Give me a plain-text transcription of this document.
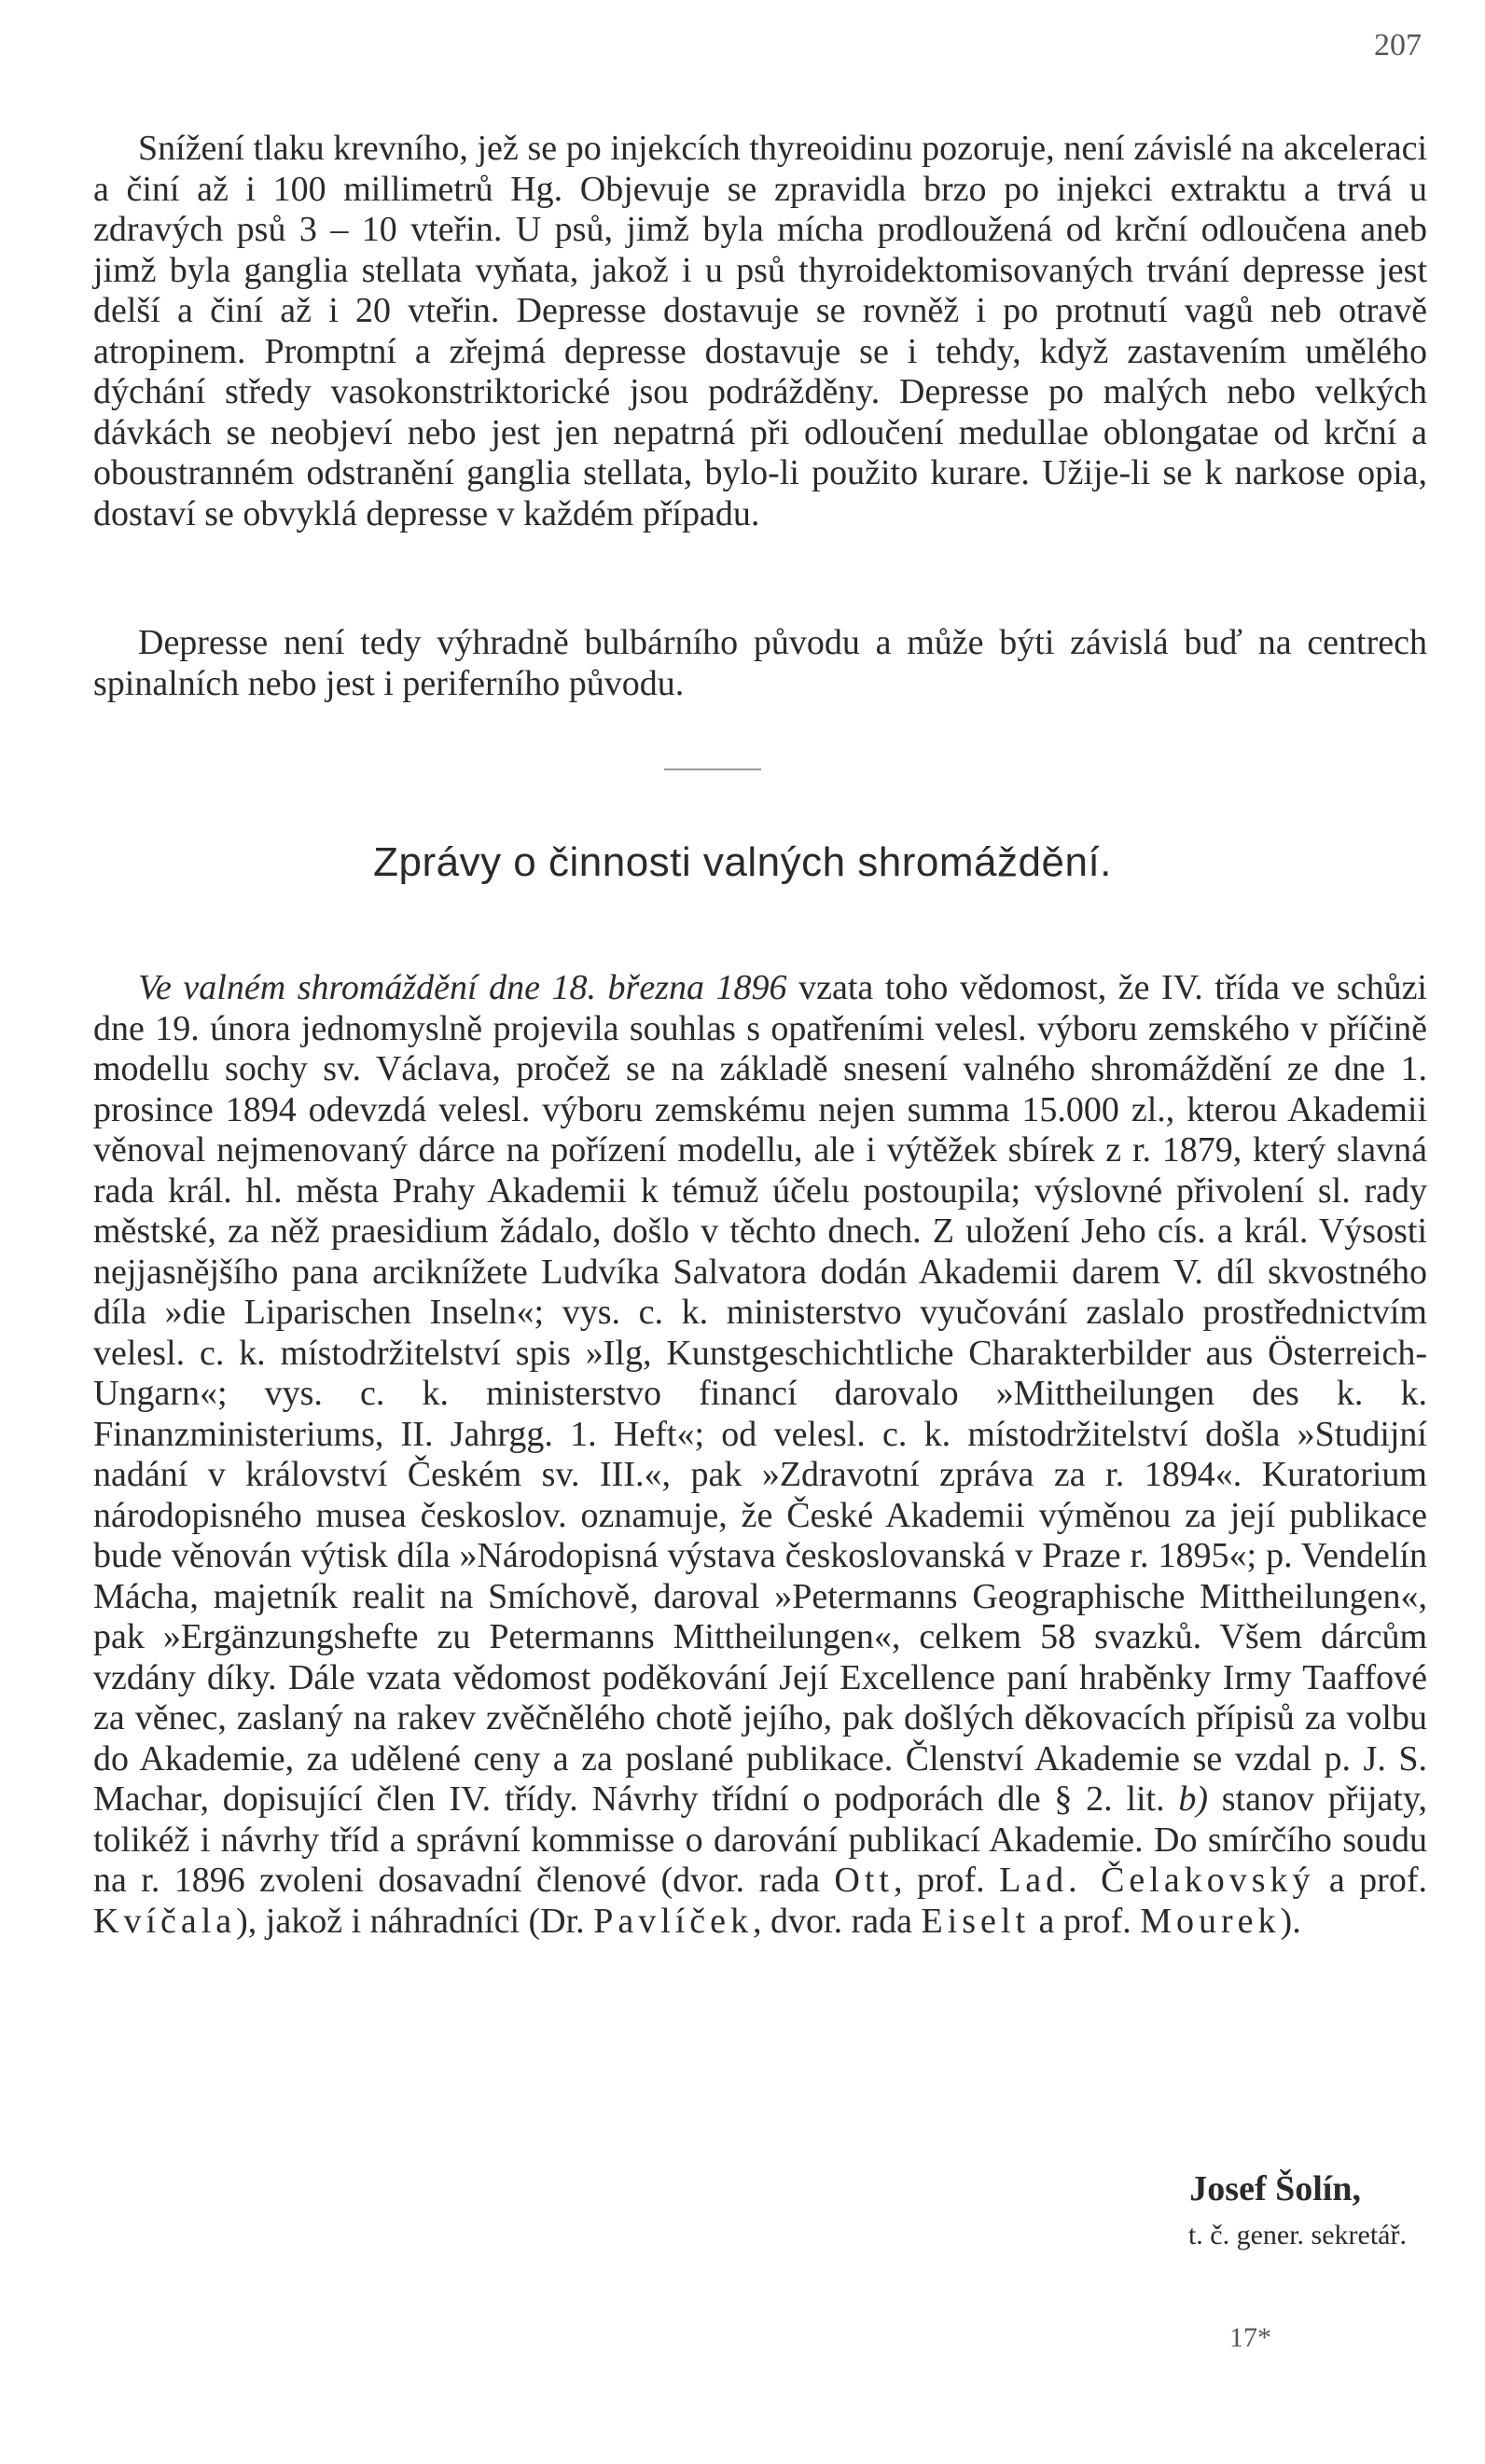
207

Snížení tlaku krevního, jež se po injekcích thyreoidinu pozoruje, není závislé na akceleraci a činí až i 100 millimetrů Hg. Objevuje se zpravidla brzo po injekci extraktu a trvá u zdravých psů 3 – 10 vteřin. U psů, jimž byla mícha prodloužená od krční odloučena aneb jimž byla ganglia stellata vyňata, jakož i u psů thyroidektomisovaných trvání depresse jest delší a činí až i 20 vteřin. Depresse dostavuje se rovněž i po protnutí vagů neb otravě atropinem. Promptní a zřejmá depresse dostavuje se i tehdy, když zastavením umělého dýchání středy vasokonstriktorické jsou podrážděny. Depresse po malých nebo velkých dávkách se neobjeví nebo jest jen nepatrná při odloučení medullae oblongatae od krční a oboustranném odstranění ganglia stellata, bylo-li použito kurare. Užije-li se k narkose opia, dostaví se obvyklá depresse v každém případu.

Depresse není tedy výhradně bulbárního původu a může býti závislá buď na centrech spinalních nebo jest i periferního původu.

Zprávy o činnosti valných shromáždění.

Ve valném shromáždění dne 18. března 1896 vzata toho vědomost, že IV. třída ve schůzi dne 19. února jednomyslně projevila souhlas s opatřeními velesl. výboru zemského v příčině modellu sochy sv. Václava, pročež se na základě snesení valného shromáždění ze dne 1. prosince 1894 odevzdá velesl. výboru zemskému nejen summa 15.000 zl., kterou Akademii věnoval nejmenovaný dárce na pořízení modellu, ale i výtěžek sbírek z r. 1879, který slavná rada král. hl. města Prahy Akademii k témuž účelu postoupila; výslovné přivolení sl. rady městské, za něž praesidium žádalo, došlo v těchto dnech. Z uložení Jeho cís. a král. Výsosti nejjasnějšího pana arciknížete Ludvíka Salvatora dodán Akademii darem V. díl skvostného díla »die Liparischen Inseln«; vys. c. k. ministerstvo vyučování zaslalo prostřednictvím velesl. c. k. místodržitelství spis »Ilg, Kunstgeschichtliche Charakterbilder aus Österreich-Ungarn«; vys. c. k. ministerstvo financí darovalo »Mittheilungen des k. k. Finanzministeriums, II. Jahrgg. 1. Heft«; od velesl. c. k. místodržitelství došla »Studijní nadání v království Českém sv. III.«, pak »Zdravotní zpráva za r. 1894«. Kuratorium národopisného musea českoslov. oznamuje, že České Akademii výměnou za její publikace bude věnován výtisk díla »Národopisná výstava českoslovanská v Praze r. 1895«; p. Vendelín Mácha, majetník realit na Smíchově, daroval »Petermanns Geographische Mittheilungen«, pak »Ergänzungshefte zu Petermanns Mittheilungen«, celkem 58 svazků. Všem dárcům vzdány díky. Dále vzata vědomost poděkování Její Excellence paní hraběnky Irmy Taaffové za věnec, zaslaný na rakev zvěčnělého chotě jejího, pak došlých děkovacích přípisů za volbu do Akademie, za udělené ceny a za poslané publikace. Členství Akademie se vzdal p. J. S. Machar, dopisující člen IV. třídy. Návrhy třídní o podporách dle § 2. lit. b) stanov přijaty, tolikéž i návrhy tříd a správní kommisse o darování publikací Akademie. Do smírčího soudu na r. 1896 zvoleni dosavadní členové (dvor. rada Ott, prof. Lad. Čelakovský a prof. Kvíčala), jakož i náhradníci (Dr. Pavlíček, dvor. rada Eiselt a prof. Mourek).

Josef Šolín,
t. č. gener. sekretář.
17*
